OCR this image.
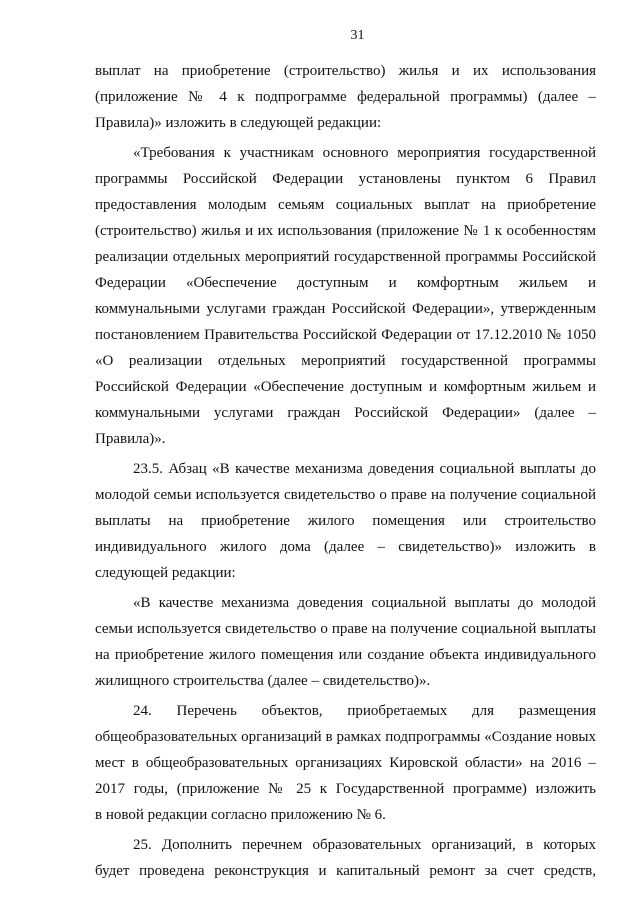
31
выплат на приобретение (строительство) жилья и их использования
(приложение № 4 к подпрограмме федеральной программы) (далее –
Правила)» изложить в следующей редакции:
«Требования к участникам основного мероприятия государственной
программы Российской Федерации установлены пунктом 6 Правил
предоставления молодым семьям социальных выплат на приобретение
(строительство) жилья и их использования (приложение № 1 к особенностям
реализации отдельных мероприятий государственной программы Российской
Федерации «Обеспечение доступным и комфортным жильем и
коммунальными услугами граждан Российской Федерации», утвержденным
постановлением Правительства Российской Федерации от 17.12.2010 № 1050
«О реализации отдельных мероприятий государственной программы
Российской Федерации «Обеспечение доступным и комфортным жильем и
коммунальными услугами граждан Российской Федерации» (далее –
Правила)».
23.5. Абзац «В качестве механизма доведения социальной выплаты до
молодой семьи используется свидетельство о праве на получение социальной
выплаты на приобретение жилого помещения или строительство
индивидуального жилого дома (далее – свидетельство)» изложить в
следующей редакции:
«В качестве механизма доведения социальной выплаты до молодой
семьи используется свидетельство о праве на получение социальной выплаты
на приобретение жилого помещения или создание объекта индивидуального
жилищного строительства (далее – свидетельство)».
24. Перечень объектов, приобретаемых для размещения
общеобразовательных организаций в рамках подпрограммы «Создание новых
мест в общеобразовательных организациях Кировской области» на 2016 –
2017 годы, (приложение № 25 к Государственной программе) изложить
в новой редакции согласно приложению № 6.
25. Дополнить перечнем образовательных организаций, в которых
будет проведена реконструкция и капитальный ремонт за счет средств,
